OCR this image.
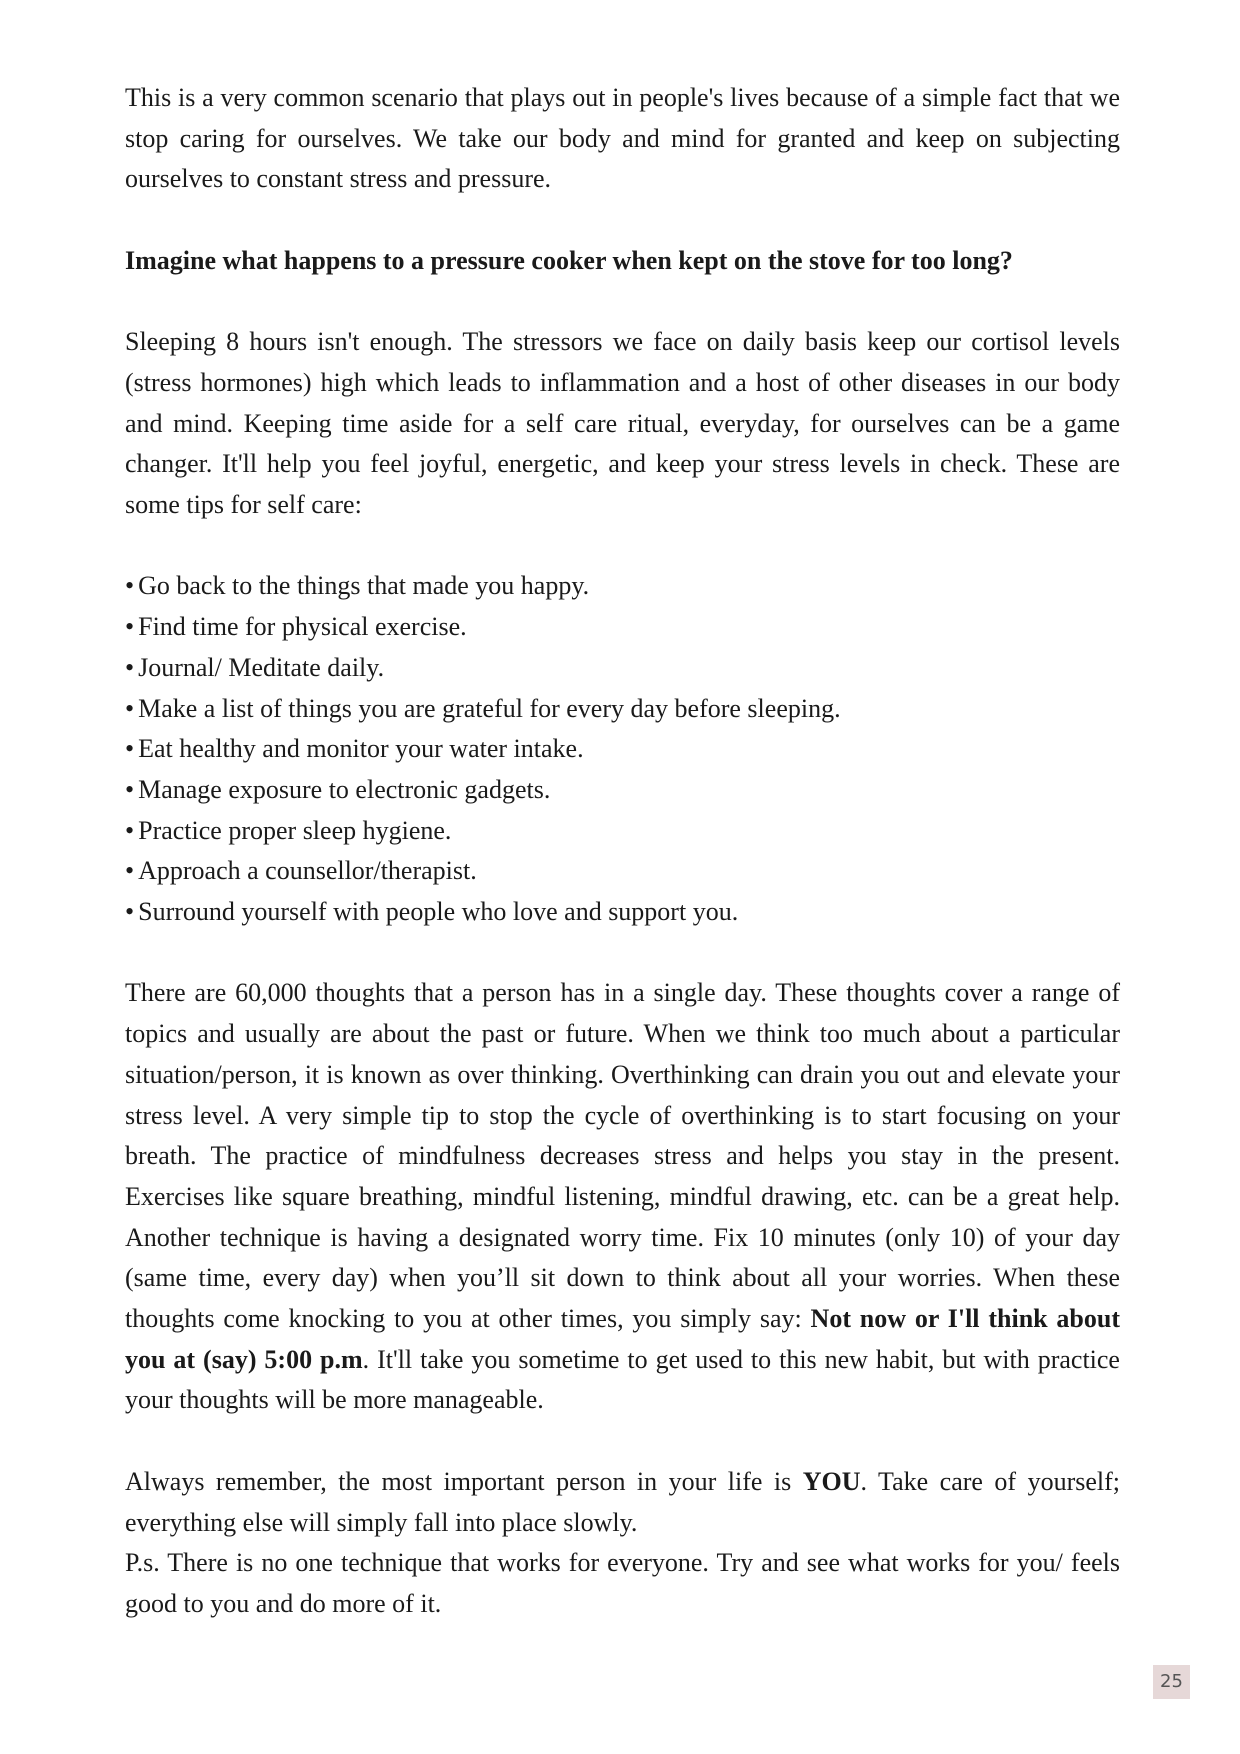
This is a very common scenario that plays out in people's lives because of a simple fact that we stop caring for ourselves. We take our body and mind for granted and keep on subjecting ourselves to constant stress and pressure.

Imagine what happens to a pressure cooker when kept on the stove for too long?

Sleeping 8 hours isn't enough. The stressors we face on daily basis keep our cortisol levels (stress hormones) high which leads to inflammation and a host of other diseases in our body and mind. Keeping time aside for a self care ritual, everyday, for ourselves can be a game changer. It'll help you feel joyful, energetic, and keep your stress levels in check. These are some tips for self care:

• Go back to the things that made you happy.
• Find time for physical exercise.
• Journal/ Meditate daily.
• Make a list of things you are grateful for every day before sleeping.
• Eat healthy and monitor your water intake.
• Manage exposure to electronic gadgets.
• Practice proper sleep hygiene.
• Approach a counsellor/therapist.
• Surround yourself with people who love and support you.

There are 60,000 thoughts that a person has in a single day. These thoughts cover a range of topics and usually are about the past or future. When we think too much about a particular situation/person, it is known as over thinking. Overthinking can drain you out and elevate your stress level. A very simple tip to stop the cycle of overthinking is to start focusing on your breath. The practice of mindfulness decreases stress and helps you stay in the present. Exercises like square breathing, mindful listening, mindful drawing, etc. can be a great help. Another technique is having a designated worry time. Fix 10 minutes (only 10) of your day (same time, every day) when you’ll sit down to think about all your worries. When these thoughts come knocking to you at other times, you simply say: Not now or I'll think about you at (say) 5:00 p.m. It'll take you sometime to get used to this new habit, but with practice your thoughts will be more manageable.

Always remember, the most important person in your life is YOU. Take care of yourself; everything else will simply fall into place slowly.

P.s. There is no one technique that works for everyone. Try and see what works for you/ feels good to you and do more of it.

25
